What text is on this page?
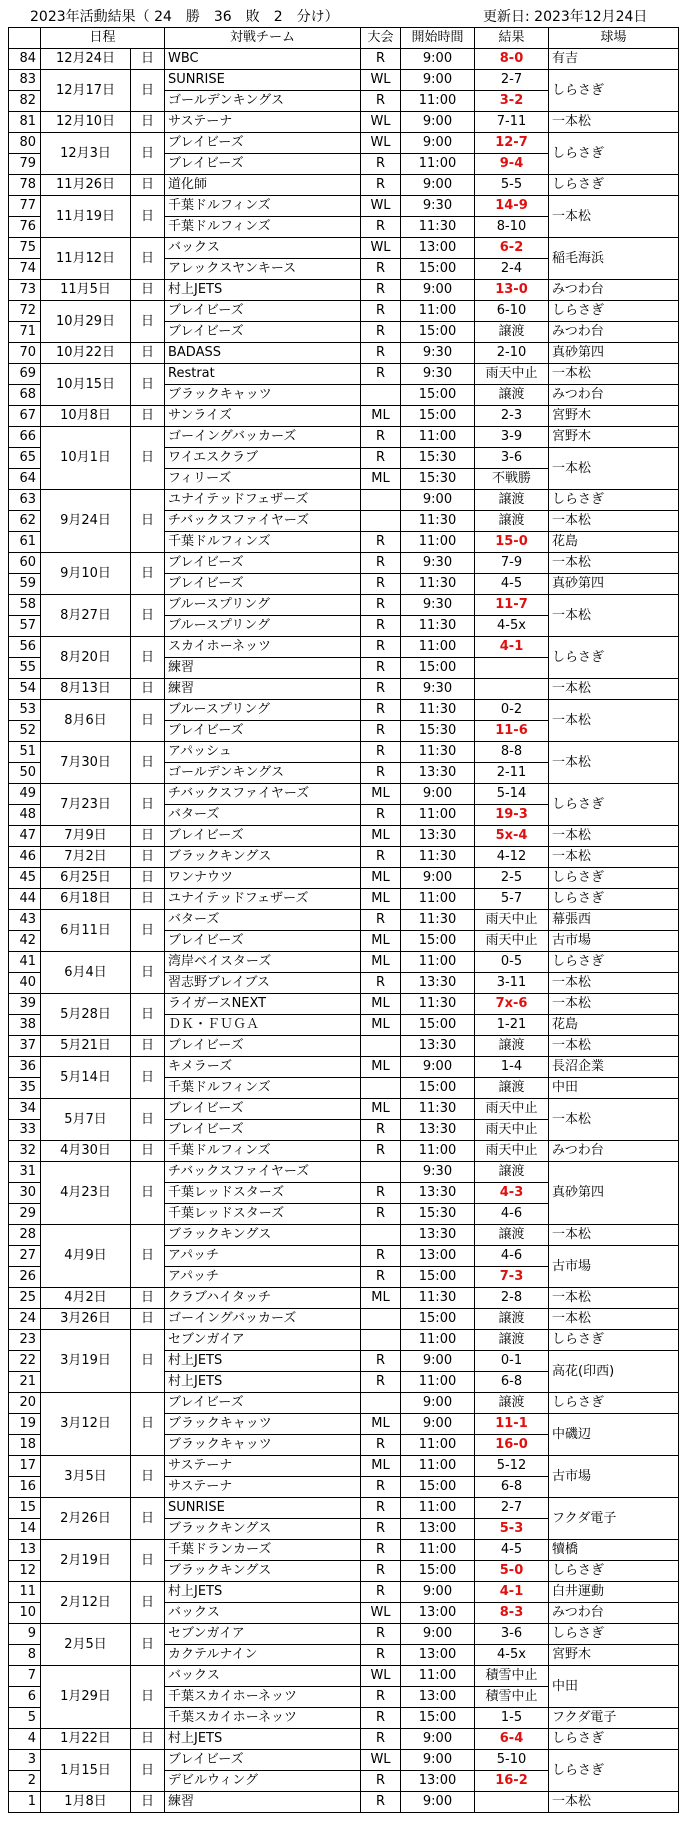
2023年活動結果（ 24　勝　36　敗　2　分け）	更新日: 2023年12月24日
	日程		対戦チーム	大会	開始時間	結果	球場
84	12月24日	日	WBC	R	9:00	8-0	有吉
83	12月17日	日	SUNRISE	WL	9:00	2-7	しらさぎ
82			ゴールデンキングス	R	11:00	3-2	
81	12月10日	日	サステーナ	WL	9:00	7-11	一本松
80	12月3日	日	ブレイビーズ	WL	9:00	12-7	しらさぎ
79			ブレイビーズ	R	11:00	9-4	
78	11月26日	日	道化師	R	9:00	5-5	しらさぎ
77	11月19日	日	千葉ドルフィンズ	WL	9:30	14-9	一本松
76			千葉ドルフィンズ	R	11:30	8-10	
75	11月12日	日	バックス	WL	13:00	6-2	稲毛海浜
74			アレックスヤンキース	R	15:00	2-4	
73	11月5日	日	村上JETS	R	9:00	13-0	みつわ台
72	10月29日	日	ブレイビーズ	R	11:00	6-10	しらさぎ
71			ブレイビーズ	R	15:00	譲渡	みつわ台
70	10月22日	日	BADASS	R	9:30	2-10	真砂第四
69	10月15日	日	Restrat	R	9:30	雨天中止	一本松
68			ブラックキャッツ		15:00	譲渡	みつわ台
67	10月8日	日	サンライズ	ML	15:00	2-3	宮野木
66	10月1日	日	ゴーイングバッカーズ	R	11:00	3-9	宮野木
65			ワイエスクラブ	R	15:30	3-6	一本松
64			フィリーズ	ML	15:30	不戦勝	
63	9月24日	日	ユナイテッドフェザーズ		9:00	譲渡	しらさぎ
62			チバックスファイヤーズ		11:30	譲渡	一本松
61			千葉ドルフィンズ	R	11:00	15-0	花島
60	9月10日	日	ブレイビーズ	R	9:30	7-9	一本松
59			ブレイビーズ	R	11:30	4-5	真砂第四
58	8月27日	日	ブルースプリング	R	9:30	11-7	一本松
57			ブルースプリング	R	11:30	4-5x	
56	8月20日	日	スカイホーネッツ	R	11:00	4-1	しらさぎ
55			練習	R	15:00		
54	8月13日	日	練習	R	9:30		一本松
53	8月6日	日	ブルースプリング	R	11:30	0-2	一本松
52			ブレイビーズ	R	15:30	11-6	
51	7月30日	日	アパッシュ	R	11:30	8-8	一本松
50			ゴールデンキングス	R	13:30	2-11	
49	7月23日	日	チバックスファイヤーズ	ML	9:00	5-14	しらさぎ
48			バターズ	R	11:00	19-3	
47	7月9日	日	ブレイビーズ	ML	13:30	5x-4	一本松
46	7月2日	日	ブラックキングス	R	11:30	4-12	一本松
45	6月25日	日	ワンナウツ	ML	9:00	2-5	しらさぎ
44	6月18日	日	ユナイテッドフェザーズ	ML	11:00	5-7	しらさぎ
43	6月11日	日	バターズ	R	11:30	雨天中止	幕張西
42			ブレイビーズ	ML	15:00	雨天中止	古市場
41	6月4日	日	湾岸ベイスターズ	ML	11:00	0-5	しらさぎ
40			習志野ブレイブス	R	13:30	3-11	一本松
39	5月28日	日	ライガースNEXT	ML	11:30	7x-6	一本松
38			ＤＫ・ＦＵＧＡ	ML	15:00	1-21	花島
37	5月21日	日	ブレイビーズ		13:30	譲渡	一本松
36	5月14日	日	キメラーズ	ML	9:00	1-4	長沼企業
35			千葉ドルフィンズ		15:00	譲渡	中田
34	5月7日	日	ブレイビーズ	ML	11:30	雨天中止	一本松
33			ブレイビーズ	R	13:30	雨天中止	
32	4月30日	日	千葉ドルフィンズ	R	11:00	雨天中止	みつわ台
31	4月23日	日	チバックスファイヤーズ		9:30	譲渡	真砂第四
30			千葉レッドスターズ	R	13:30	4-3	
29			千葉レッドスターズ	R	15:30	4-6	
28	4月9日	日	ブラックキングス		13:30	譲渡	一本松
27			アパッチ	R	13:00	4-6	古市場
26			アパッチ	R	15:00	7-3	
25	4月2日	日	クラブハイタッチ	ML	11:30	2-8	一本松
24	3月26日	日	ゴーイングバッカーズ		15:00	譲渡	一本松
23	3月19日	日	セブンガイア		11:00	譲渡	しらさぎ
22			村上JETS	R	9:00	0-1	高花(印西)
21			村上JETS	R	11:00	6-8	
20	3月12日	日	ブレイビーズ		9:00	譲渡	しらさぎ
19			ブラックキャッツ	ML	9:00	11-1	中磯辺
18			ブラックキャッツ	R	11:00	16-0	
17	3月5日	日	サステーナ	ML	11:00	5-12	古市場
16			サステーナ	R	15:00	6-8	
15	2月26日	日	SUNRISE	R	11:00	2-7	フクダ電子
14			ブラックキングス	R	13:00	5-3	
13	2月19日	日	千葉ドランカーズ	R	11:00	4-5	犢橋
12			ブラックキングス	R	15:00	5-0	しらさぎ
11	2月12日	日	村上JETS	R	9:00	4-1	白井運動
10			バックス	WL	13:00	8-3	みつわ台
9	2月5日	日	セブンガイア	R	9:00	3-6	しらさぎ
8			カクテルナイン	R	13:00	4-5x	宮野木
7	1月29日	日	バックス	WL	11:00	積雪中止	中田
6			千葉スカイホーネッツ	R	13:00	積雪中止	
5			千葉スカイホーネッツ	R	15:00	1-5	フクダ電子
4	1月22日	日	村上JETS	R	9:00	6-4	しらさぎ
3	1月15日	日	ブレイビーズ	WL	9:00	5-10	しらさぎ
2			デビルウィング	R	13:00	16-2	
1	1月8日	日	練習	R	9:00		一本松
